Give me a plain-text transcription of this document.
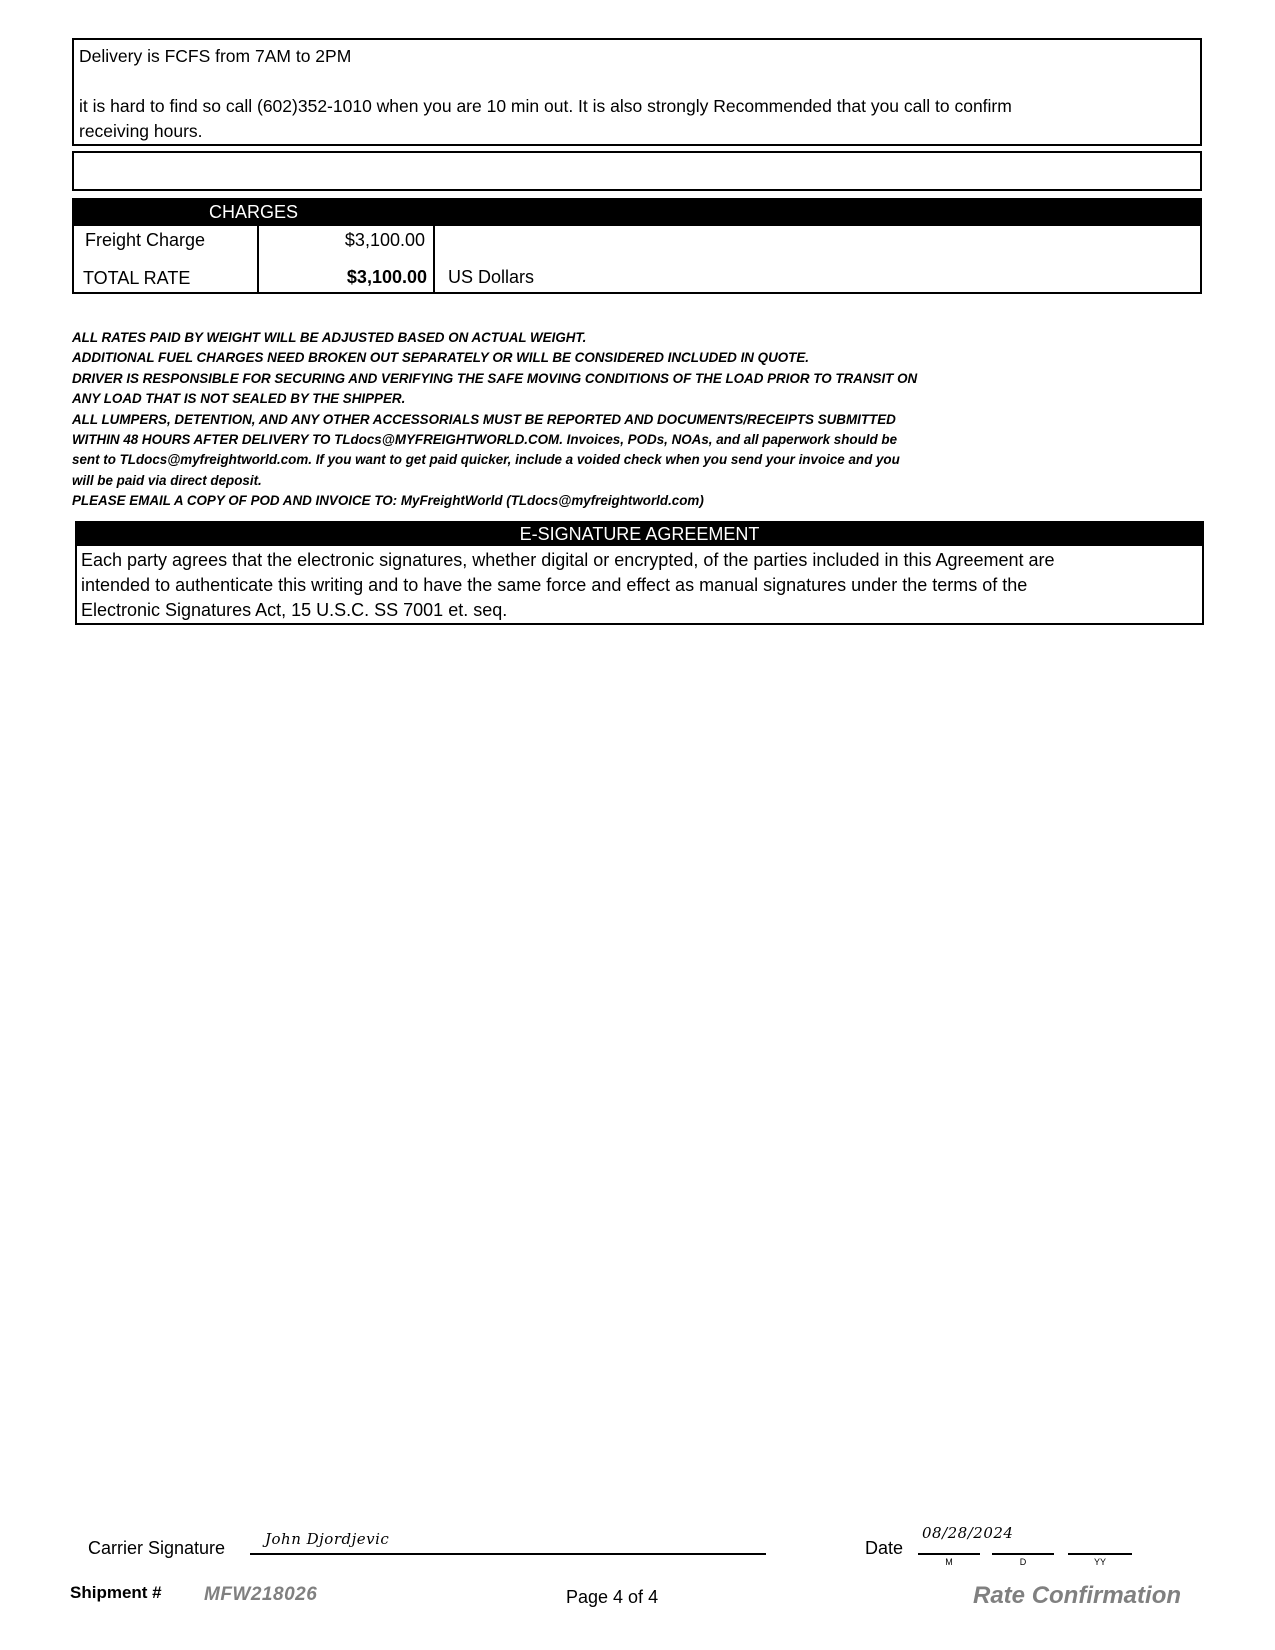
Delivery is FCFS from 7AM to 2PM
it is hard to find so call (602)352-1010 when you are 10 min out. It is also strongly Recommended that you call to confirm
receiving hours.
CHARGES
Freight Charge	$3,100.00
TOTAL RATE	$3,100.00 US Dollars
ALL RATES PAID BY WEIGHT WILL BE ADJUSTED BASED ON ACTUAL WEIGHT.
ADDITIONAL FUEL CHARGES NEED BROKEN OUT SEPARATELY OR WILL BE CONSIDERED INCLUDED IN QUOTE.
DRIVER IS RESPONSIBLE FOR SECURING AND VERIFYING THE SAFE MOVING CONDITIONS OF THE LOAD PRIOR TO TRANSIT ON
ANY LOAD THAT IS NOT SEALED BY THE SHIPPER.
ALL LUMPERS, DETENTION, AND ANY OTHER ACCESSORIALS MUST BE REPORTED AND DOCUMENTS/RECEIPTS SUBMITTED
WITHIN 48 HOURS AFTER DELIVERY TO TLdocs@MYFREIGHTWORLD.COM. Invoices, PODs, NOAs, and all paperwork should be
sent to TLdocs@myfreightworld.com. If you want to get paid quicker, include a voided check when you send your invoice and you
will be paid via direct deposit.
PLEASE EMAIL A COPY OF POD AND INVOICE TO: MyFreightWorld (TLdocs@myfreightworld.com)
E-SIGNATURE AGREEMENT
Each party agrees that the electronic signatures, whether digital or encrypted, of the parties included in this Agreement are
intended to authenticate this writing and to have the same force and effect as manual signatures under the terms of the
Electronic Signatures Act, 15 U.S.C. SS 7001 et. seq.
Carrier Signature	John Djordjevic	Date
08/28/2024
M	D	YY
Shipment # MFW218026	Page 4 of 4	Rate Confirmation
